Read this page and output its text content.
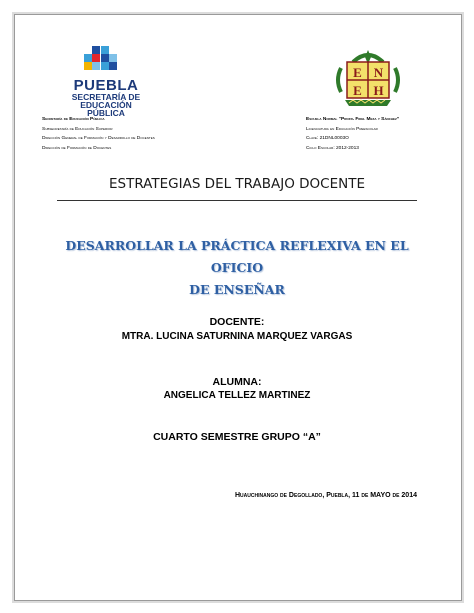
PUEBLA
SECRETARÍA DE
EDUCACIÓN PÚBLICA
E N
E H
Secretaría de Educación Pública
Subsecretaría de Educación Superior
Dirección General de Formación y Desarrollo de Docentes
Dirección de Formación de Docentes
Escuela Normal “Profr. Fidel Meza y Sánchez”
Licenciatura en Educación Preescolar
Clave: 21DNL0003O
Ciclo Escolar: 2012-2013
ESTRATEGIAS DEL TRABAJO DOCENTE
DESARROLLAR LA PRÁCTICA REFLEXIVA EN EL OFICIO
DE ENSEÑAR
DOCENTE:
MTRA. LUCINA SATURNINA MARQUEZ VARGAS
ALUMNA:
ANGELICA TELLEZ MARTINEZ
CUARTO SEMESTRE GRUPO “A”
Huauchinango de Degollado, Puebla, 11 de MAYO de 2014
